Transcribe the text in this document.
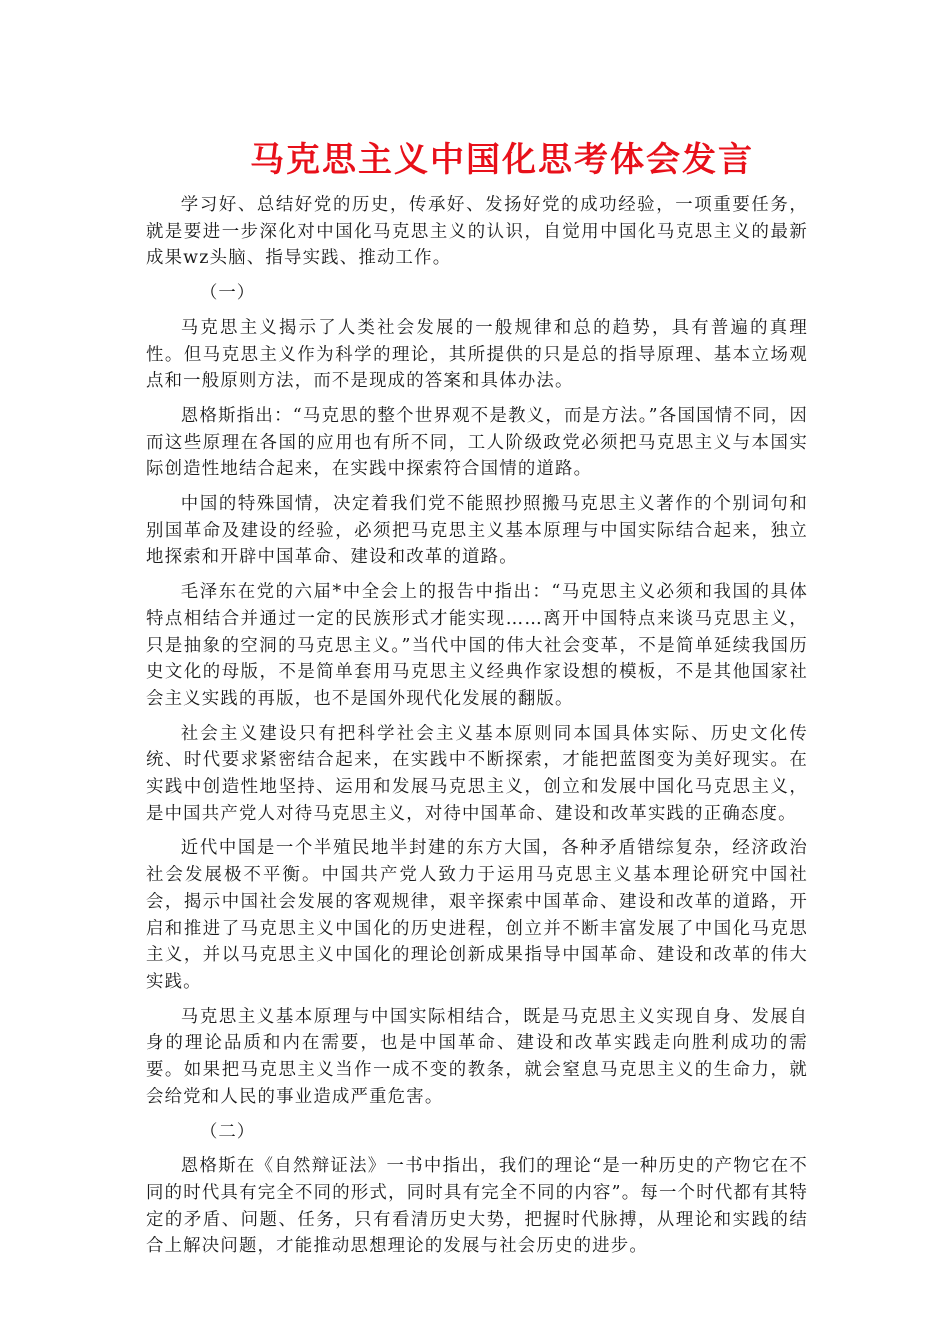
马克思主义中国化思考体会发言

学习好、总结好党的历史，传承好、发扬好党的成功经验，一项重要任务，就是要进一步深化对中国化马克思主义的认识，自觉用中国化马克思主义的最新成果wz头脑、指导实践、推动工作。

（一）

马克思主义揭示了人类社会发展的一般规律和总的趋势，具有普遍的真理性。但马克思主义作为科学的理论，其所提供的只是总的指导原理、基本立场观点和一般原则方法，而不是现成的答案和具体办法。

恩格斯指出：“马克思的整个世界观不是教义，而是方法。”各国国情不同，因而这些原理在各国的应用也有所不同，工人阶级政党必须把马克思主义与本国实际创造性地结合起来，在实践中探索符合国情的道路。

中国的特殊国情，决定着我们党不能照抄照搬马克思主义著作的个别词句和别国革命及建设的经验，必须把马克思主义基本原理与中国实际结合起来，独立地探索和开辟中国革命、建设和改革的道路。

毛泽东在党的六届*中全会上的报告中指出：“马克思主义必须和我国的具体特点相结合并通过一定的民族形式才能实现……离开中国特点来谈马克思主义，只是抽象的空洞的马克思主义。”当代中国的伟大社会变革，不是简单延续我国历史文化的母版，不是简单套用马克思主义经典作家设想的模板，不是其他国家社会主义实践的再版，也不是国外现代化发展的翻版。

社会主义建设只有把科学社会主义基本原则同本国具体实际、历史文化传统、时代要求紧密结合起来，在实践中不断探索，才能把蓝图变为美好现实。在实践中创造性地坚持、运用和发展马克思主义，创立和发展中国化马克思主义，是中国共产党人对待马克思主义，对待中国革命、建设和改革实践的正确态度。

近代中国是一个半殖民地半封建的东方大国，各种矛盾错综复杂，经济政治社会发展极不平衡。中国共产党人致力于运用马克思主义基本理论研究中国社会，揭示中国社会发展的客观规律，艰辛探索中国革命、建设和改革的道路，开启和推进了马克思主义中国化的历史进程，创立并不断丰富发展了中国化马克思主义，并以马克思主义中国化的理论创新成果指导中国革命、建设和改革的伟大实践。

马克思主义基本原理与中国实际相结合，既是马克思主义实现自身、发展自身的理论品质和内在需要，也是中国革命、建设和改革实践走向胜利成功的需要。如果把马克思主义当作一成不变的教条，就会窒息马克思主义的生命力，就会给党和人民的事业造成严重危害。

（二）

恩格斯在《自然辩证法》一书中指出，我们的理论“是一种历史的产物它在不同的时代具有完全不同的形式，同时具有完全不同的内容”。每一个时代都有其特定的矛盾、问题、任务，只有看清历史大势，把握时代脉搏，从理论和实践的结合上解决问题，才能推动思想理论的发展与社会历史的进步。
